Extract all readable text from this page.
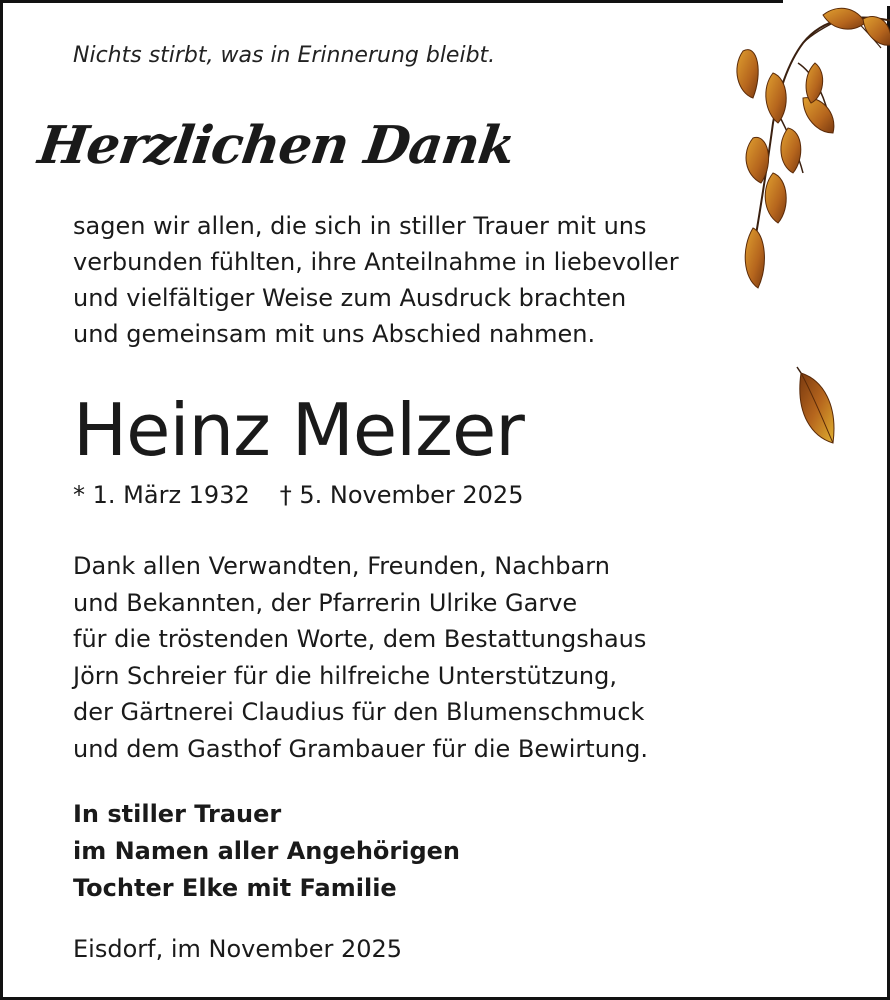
Nichts stirbt, was in Erinnerung bleibt.

Herzlichen Dank

sagen wir allen, die sich in stiller Trauer mit uns
verbunden fühlten, ihre Anteilnahme in liebevoller
und vielfältiger Weise zum Ausdruck brachten
und gemeinsam mit uns Abschied nahmen.

Heinz Melzer

* 1. März 1932 † 5. November 2025

Dank allen Verwandten, Freunden, Nachbarn
und Bekannten, der Pfarrerin Ulrike Garve
für die tröstenden Worte, dem Bestattungshaus
Jörn Schreier für die hilfreiche Unterstützung,
der Gärtnerei Claudius für den Blumenschmuck
und dem Gasthof Grambauer für die Bewirtung.

In stiller Trauer
im Namen aller Angehörigen
Tochter Elke mit Familie

Eisdorf, im November 2025
